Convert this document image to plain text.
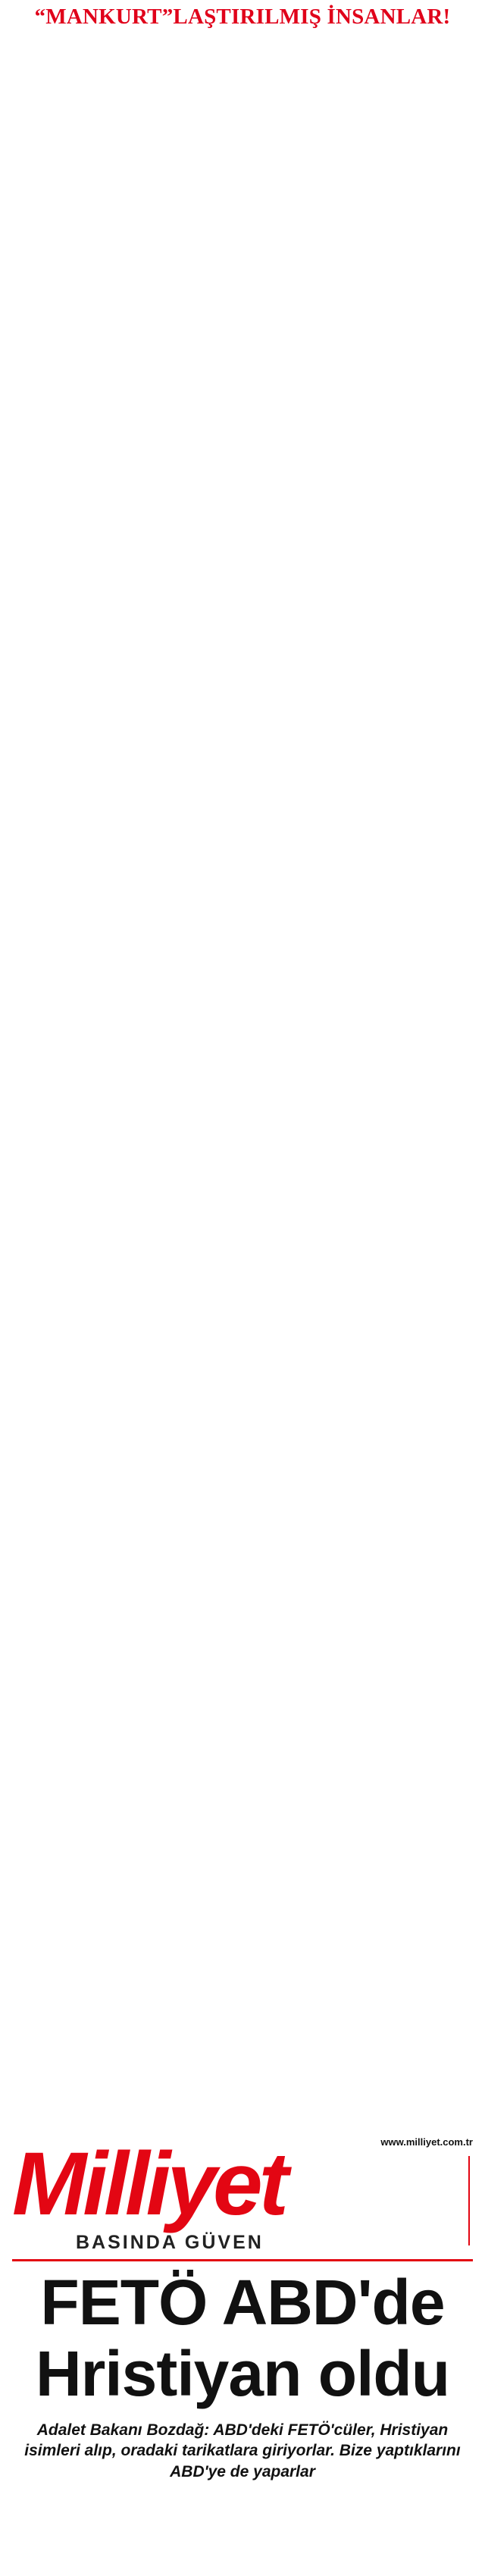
“MANKURT”LAŞTIRILMIŞ İNSANLAR!

Milliyet
BASINDA GÜVEN
www.milliyet.com.tr
FETÖ ABD'de
Hristiyan oldu
Adalet Bakanı Bozdağ: ABD'deki FETÖ'cüler, Hristiyan isimleri alıp, oradaki tarikatlara giriyorlar. Bize yaptıklarını ABD'ye de yaparlar
